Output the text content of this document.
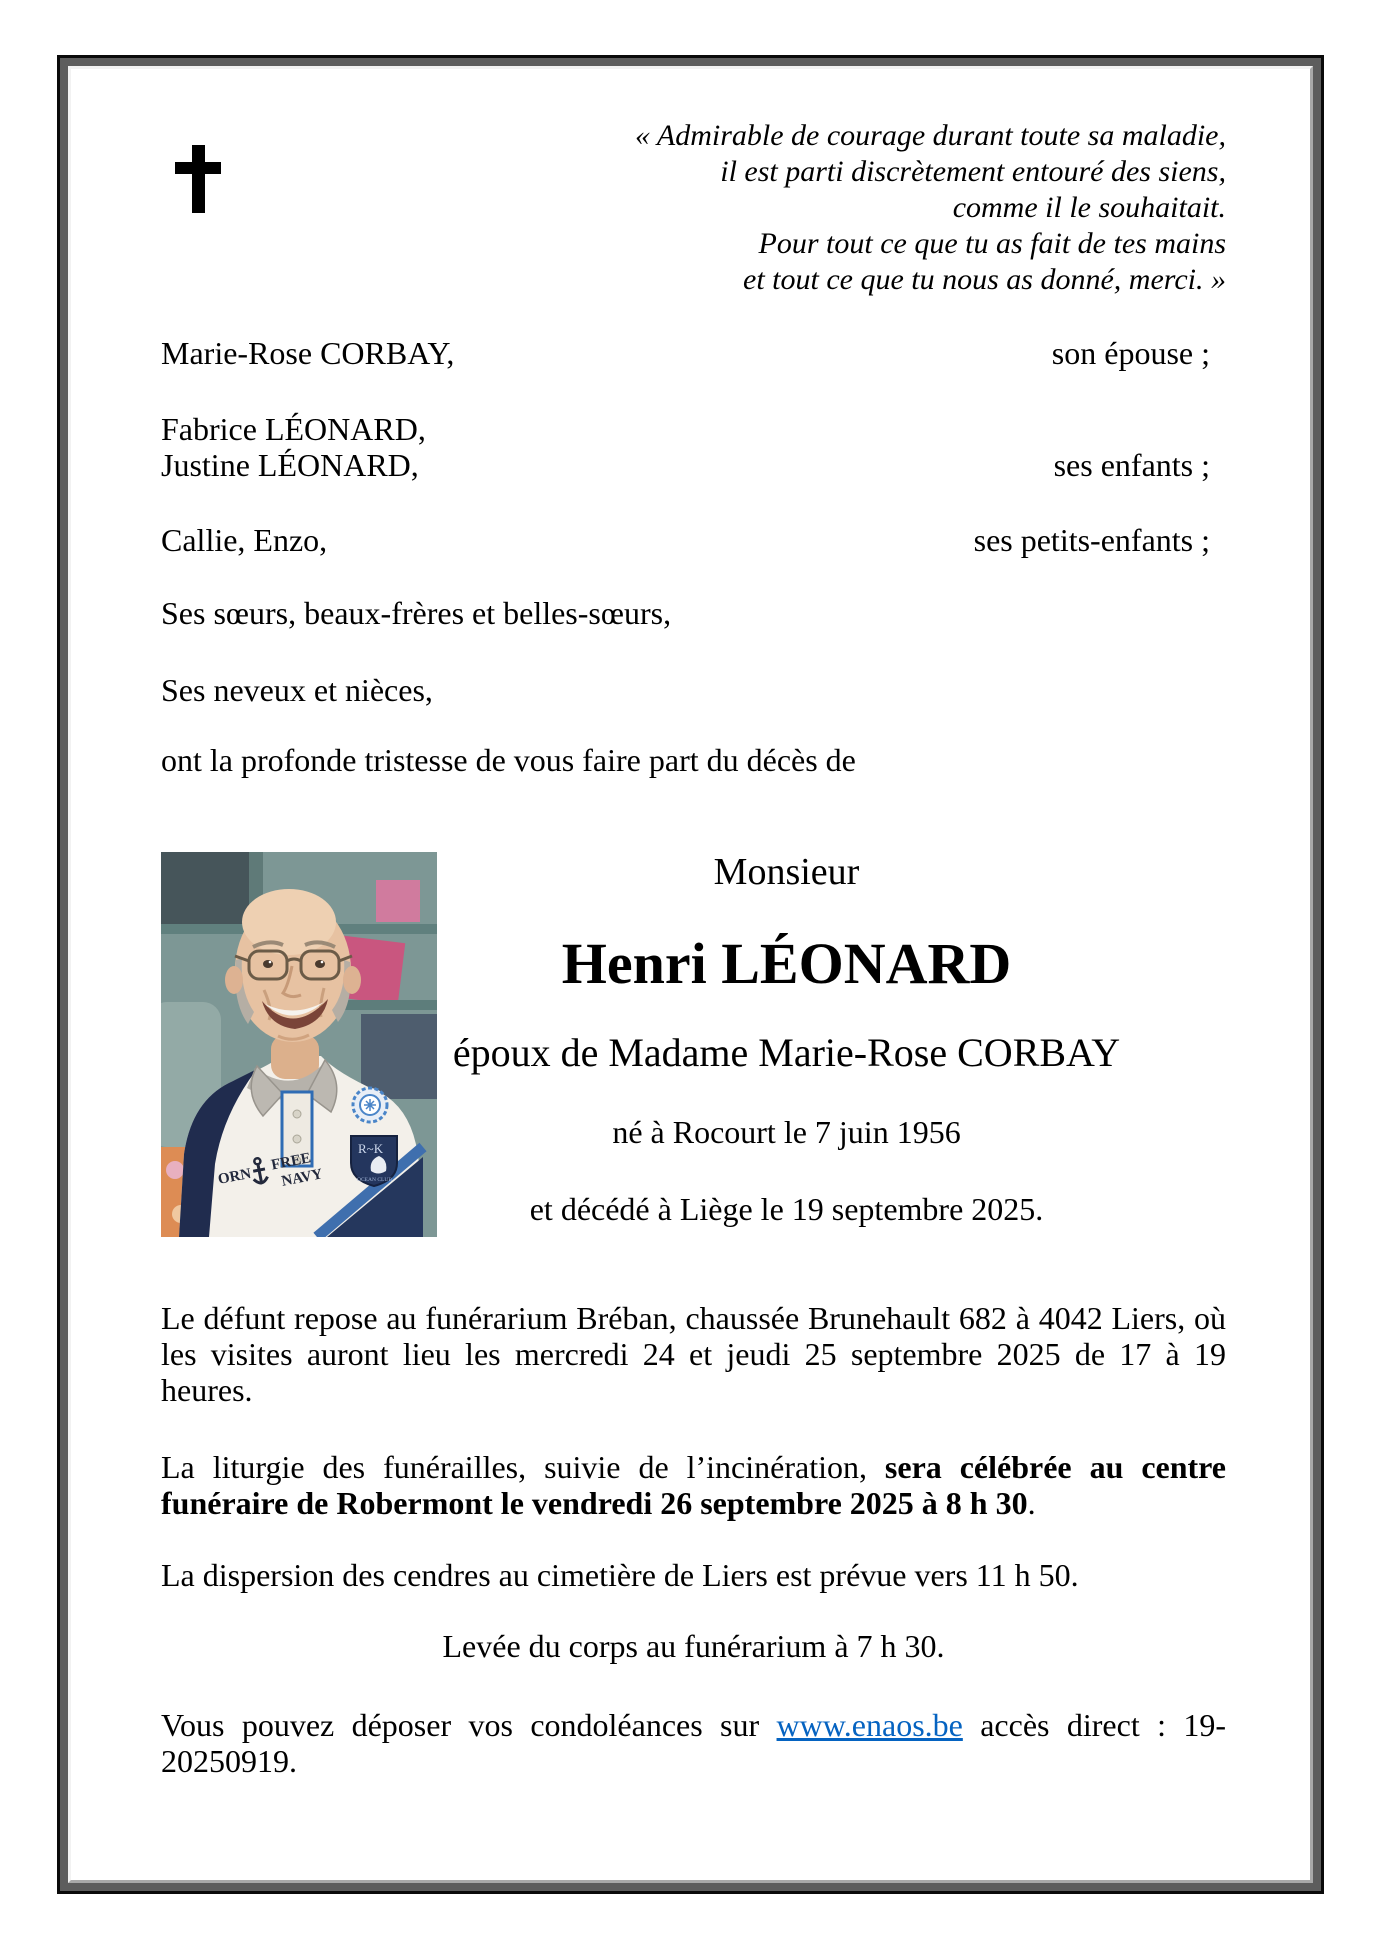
« Admirable de courage durant toute sa maladie,
il est parti discrètement entouré des siens,
comme il le souhaitait.
Pour tout ce que tu as fait de tes mains
et tout ce que tu nous as donné, merci. »
Marie-Rose CORBAY,	son épouse ;
Fabrice LÉONARD,
Justine LÉONARD,	ses enfants ;
Callie, Enzo,	ses petits-enfants ;
Ses sœurs, beaux-frères et belles-sœurs,
Ses neveux et nièces,

ont la profonde tristesse de vous faire part du décès de

R~K
OCEAN CLUB
ORN
FREE
NAVY
Monsieur
Henri LÉONARD
époux de Madame Marie-Rose CORBAY
né à Rocourt le 7 juin 1956
et décédé à Liège le 19 septembre 2025.

Le défunt repose au funérarium Bréban, chaussée Brunehault 682 à 4042 Liers, où les visites auront lieu les mercredi 24 et jeudi 25 septembre 2025 de 17 à 19 heures.

La liturgie des funérailles, suivie de l’incinération, sera célébrée au centre funéraire de Robermont le vendredi 26 septembre 2025 à 8 h 30.

La dispersion des cendres au cimetière de Liers est prévue vers 11 h 50.

Levée du corps au funérarium à 7 h 30.

Vous pouvez déposer vos condoléances sur www.enaos.be accès direct : 19-20250919.
